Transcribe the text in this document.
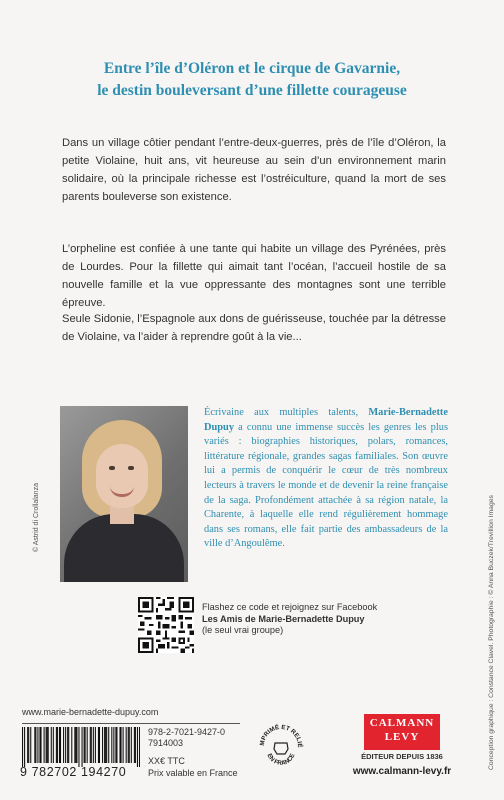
Entre l’île d’Oléron et le cirque de Gavarnie,
le destin bouleversant d’une fillette courageuse
Dans un village côtier pendant l’entre-deux-guerres, près de l’île d’Oléron, la petite Violaine, huit ans, vit heureuse au sein d’un environnement marin solidaire, où la principale richesse est l’ostréiculture, quand la mort de ses parents bouleverse son existence.
L’orpheline est confiée à une tante qui habite un village des Pyrénées, près de Lourdes. Pour la fillette qui aimait tant l’océan, l’accueil hostile de sa nouvelle famille et la vue oppressante des montagnes sont une terrible épreuve.
Seule Sidonie, l’Espagnole aux dons de guérisseuse, touchée par la détresse de Violaine, va l’aider à reprendre goût à la vie...
© Astrid di Crollalanza
Écrivaine aux multiples talents, Marie-Bernadette Dupuy a connu une immense succès les genres les plus variés : biographies historiques, polars, romances, littérature régionale, grandes sagas familiales. Son œuvre lui a permis de conquérir le cœur de très nombreux lecteurs à travers le monde et de devenir la reine française de la saga. Profondément attachée à sa région natale, la Charente, à laquelle elle rend régulièrement hommage dans ses romans, elle fait partie des ambassadeurs de la ville d’Angoulême.
Flashez ce code et rejoignez sur Facebook
Les Amis de Marie-Bernadette Dupuy
(le seul vrai groupe)	Conception graphique : Constance Clavel. Photographie : © Anna Buczek/Trevillion Images
www.marie-bernadette-dupuy.com
9 782702 194270
978-2-7021-9427-0
7914003
XX€ TTC
Prix valable en France
MPRIMÉ ET RELIÉ
EN FRANCE
CALMANN
LEVY
ÉDITEUR DEPUIS 1836
www.calmann-levy.fr
